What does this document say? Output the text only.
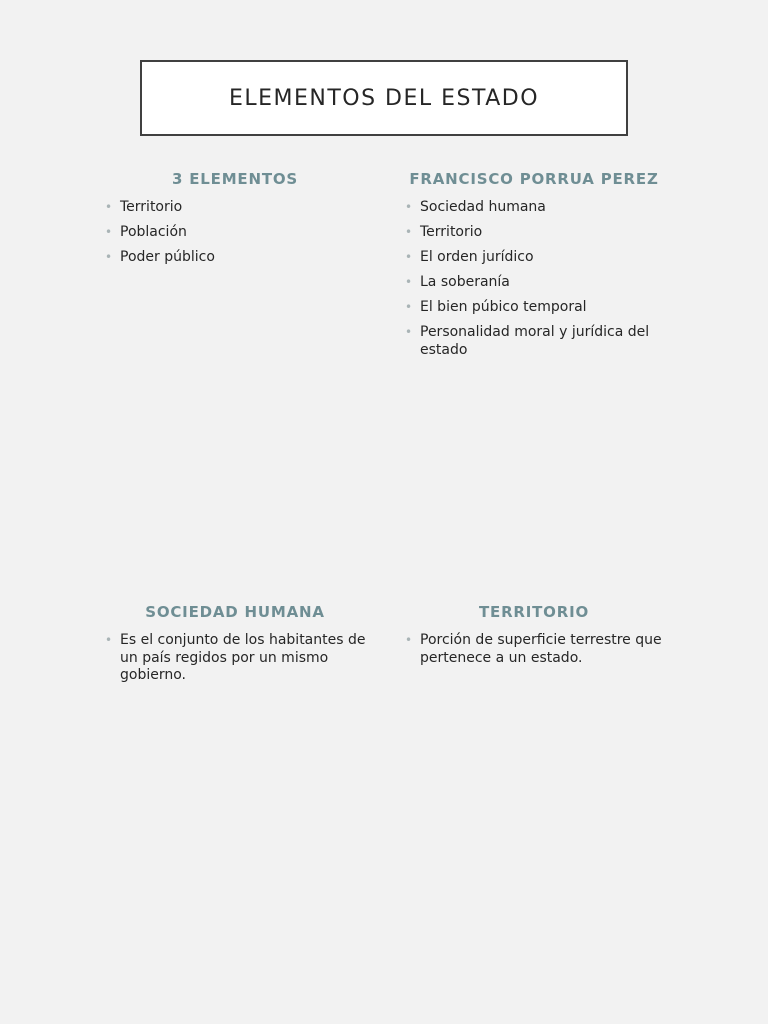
ELEMENTOS DEL ESTADO
3 ELEMENTOS
• Territorio
• Población
• Poder público
FRANCISCO PORRUA PEREZ
• Sociedad humana
• Territorio
• El orden jurídico
• La soberanía
• El bien púbico temporal
• Personalidad moral y jurídica del estado
SOCIEDAD HUMANA
• Es el conjunto de los habitantes de un país regidos por un mismo gobierno.
TERRITORIO
• Porción de superficie terrestre que pertenece a un estado.
